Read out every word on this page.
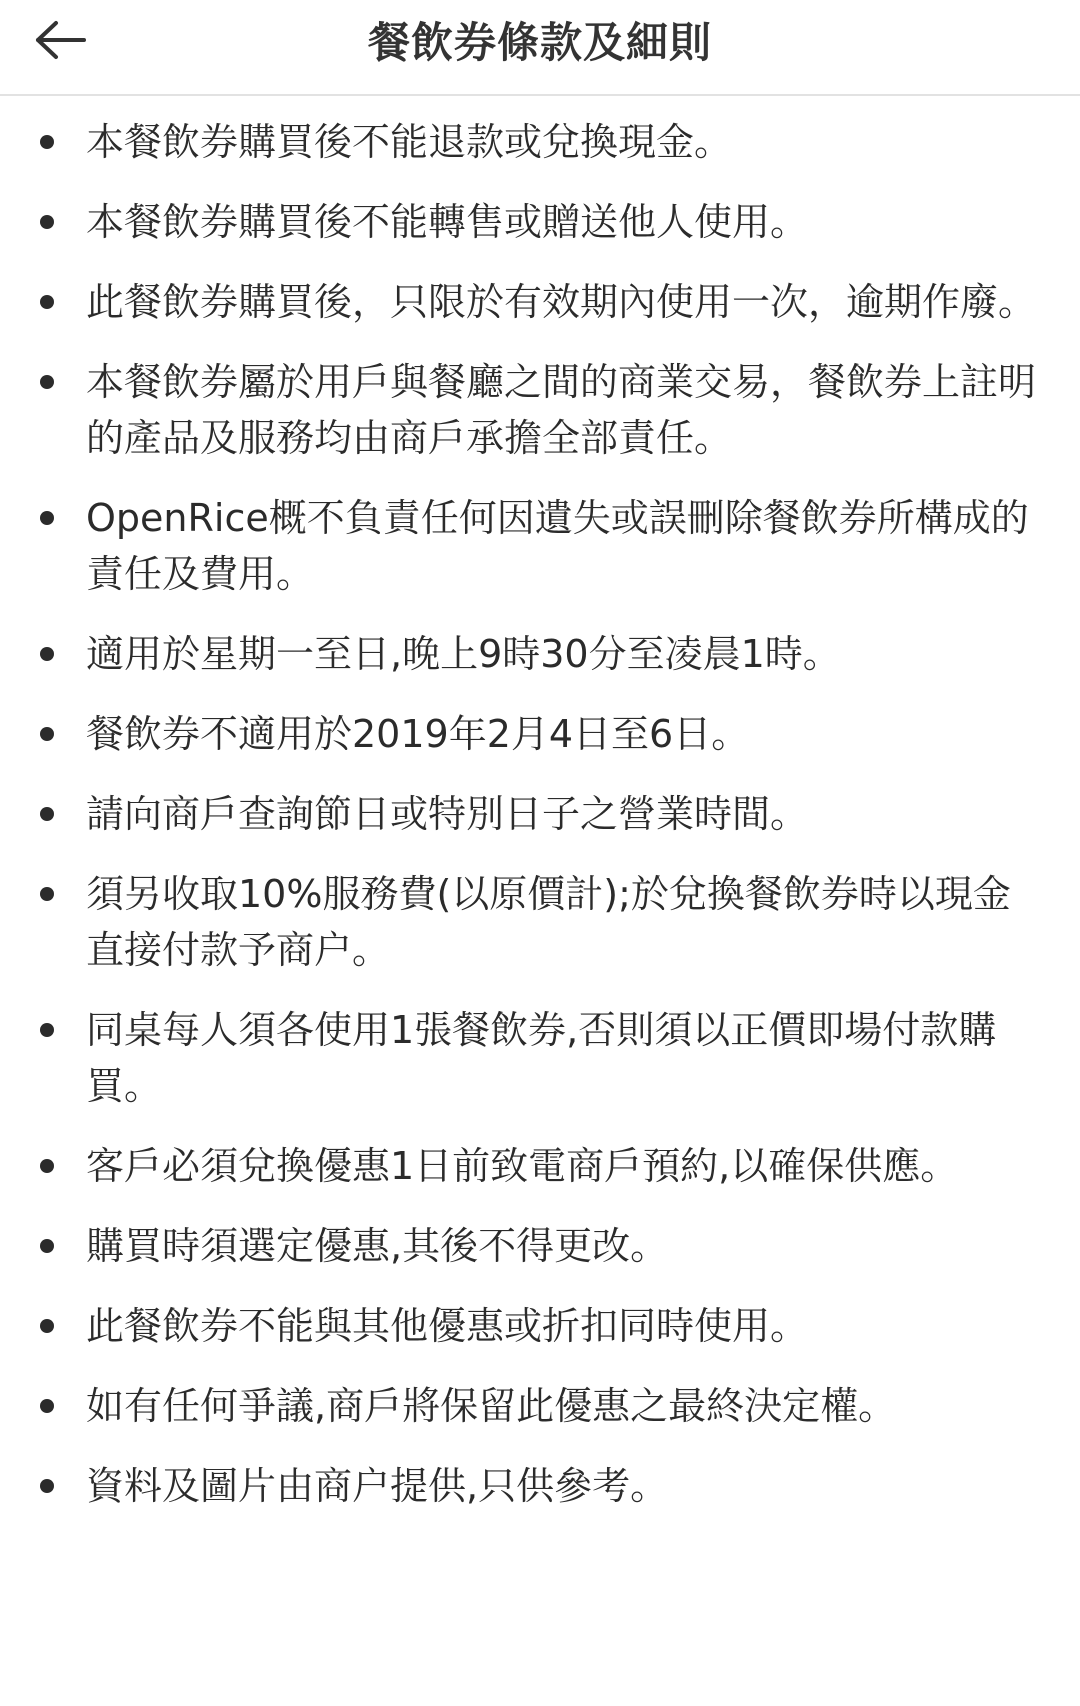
餐飲券條款及細則
本餐飲券購買後不能退款或兌換現金。
本餐飲券購買後不能轉售或贈送他人使用。
此餐飲券購買後，只限於有效期內使用一次，逾期作廢。
本餐飲券屬於用戶與餐廳之間的商業交易，餐飲券上註明的產品及服務均由商戶承擔全部責任。
OpenRice概不負責任何因遺失或誤刪除餐飲券所構成的責任及費用。
適用於星期一至日,晚上9時30分至凌晨1時。
餐飲券不適用於2019年2月4日至6日。
請向商戶查詢節日或特別日子之營業時間。
須另收取10%服務費(以原價計);於兌換餐飲券時以現金直接付款予商户。
同桌每人須各使用1張餐飲券,否則須以正價即場付款購買。
客戶必須兌換優惠1日前致電商戶預約,以確保供應。
購買時須選定優惠,其後不得更改。
此餐飲券不能與其他優惠或折扣同時使用。
如有任何爭議,商戶將保留此優惠之最終決定權。
資料及圖片由商户提供,只供參考。
